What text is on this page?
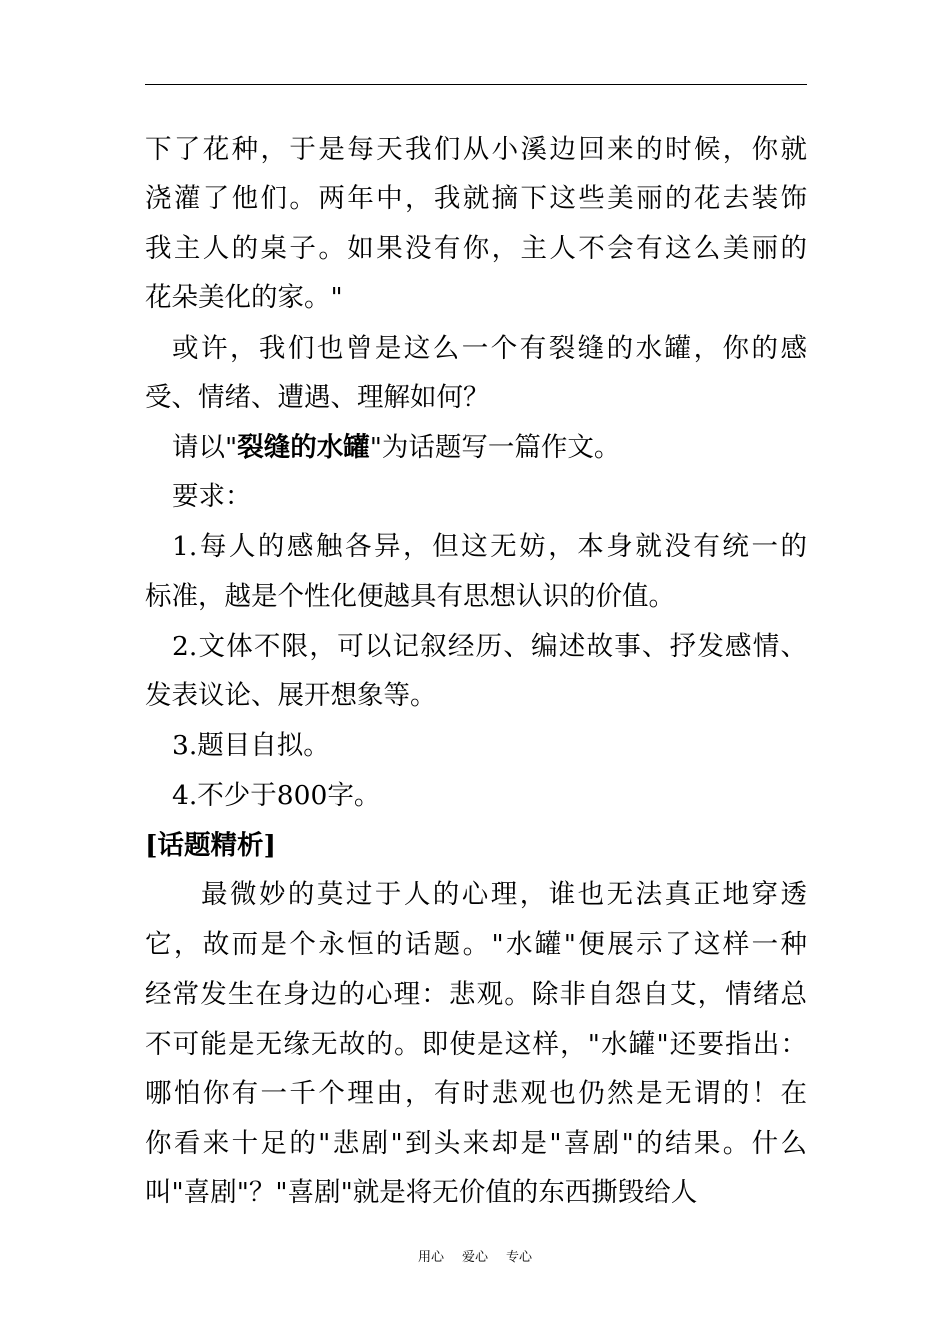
下了花种，于是每天我们从小溪边回来的时候，你就
浇灌了他们。两年中，我就摘下这些美丽的花去装饰
我主人的桌子。如果没有你，主人不会有这么美丽的
花朵美化的家。"
或许，我们也曾是这么一个有裂缝的水罐，你的感
受、情绪、遭遇、理解如何？
请以"裂缝的水罐"为话题写一篇作文。
要求：
1.每人的感触各异，但这无妨，本身就没有统一的
标准，越是个性化便越具有思想认识的价值。
2.文体不限，可以记叙经历、编述故事、抒发感情、
发表议论、展开想象等。
3.题目自拟。
4.不少于800字。
[话题精析]
最微妙的莫过于人的心理，谁也无法真正地穿透
它，故而是个永恒的话题。"水罐"便展示了这样一种
经常发生在身边的心理：悲观。除非自怨自艾，情绪总
不可能是无缘无故的。即使是这样，"水罐"还要指出：
哪怕你有一千个理由，有时悲观也仍然是无谓的！在
你看来十足的"悲剧"到头来却是"喜剧"的结果。什么
叫"喜剧"？"喜剧"就是将无价值的东西撕毁给人
用心 爱心 专心
